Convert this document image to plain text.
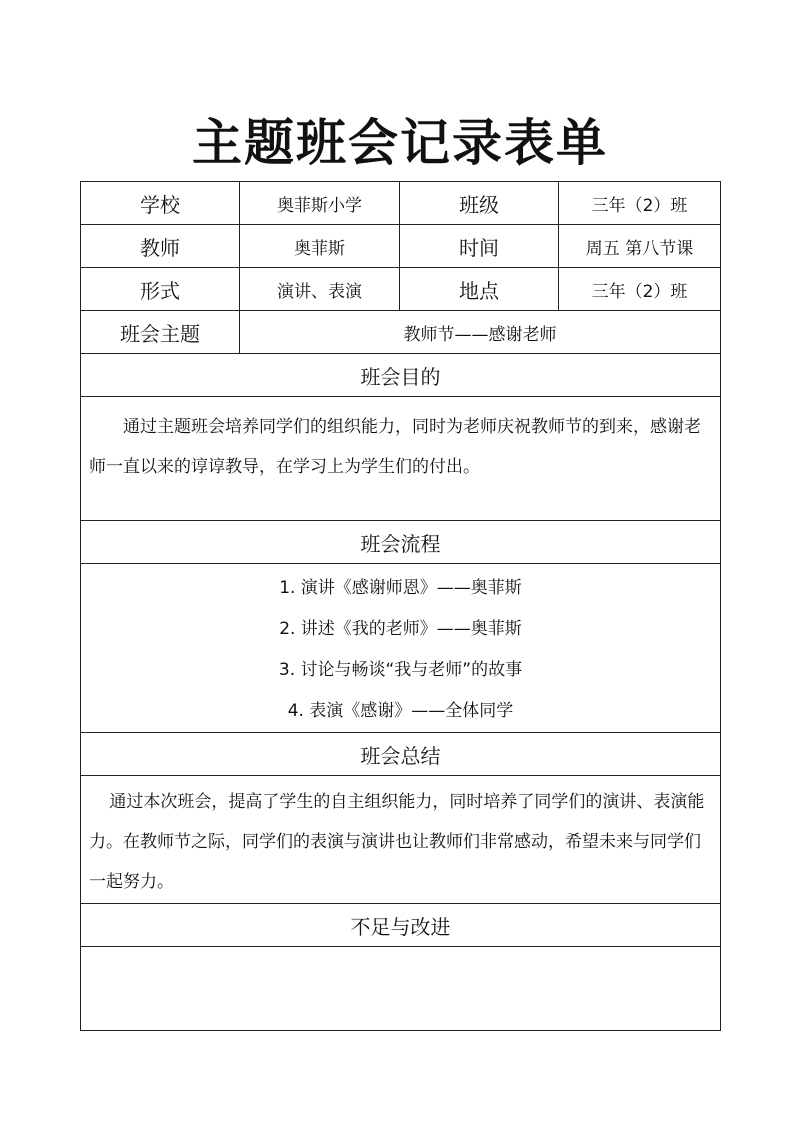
主题班会记录表单
学校	奥菲斯小学	班级	三年（2）班
教师	奥菲斯	时间	周五 第八节课
形式	演讲、表演	地点	三年（2）班
班会主题	教师节——感谢老师		
班会目的			
通过主题班会培养同学们的组织能力，同时为老师庆祝教师节的到来，感谢老师一直以来的谆谆教导，在学习上为学生们的付出。			
班会流程			

1. 演讲《感谢师恩》——奥菲斯
2. 讲述《我的老师》——奥菲斯
3. 讨论与畅谈“我与老师”的故事
4. 表演《感谢》——全体同学			

班会总结			
通过本次班会，提高了学生的自主组织能力，同时培养了同学们的演讲、表演能力。在教师节之际，同学们的表演与演讲也让教师们非常感动，希望未来与同学们一起努力。			
不足与改进			
